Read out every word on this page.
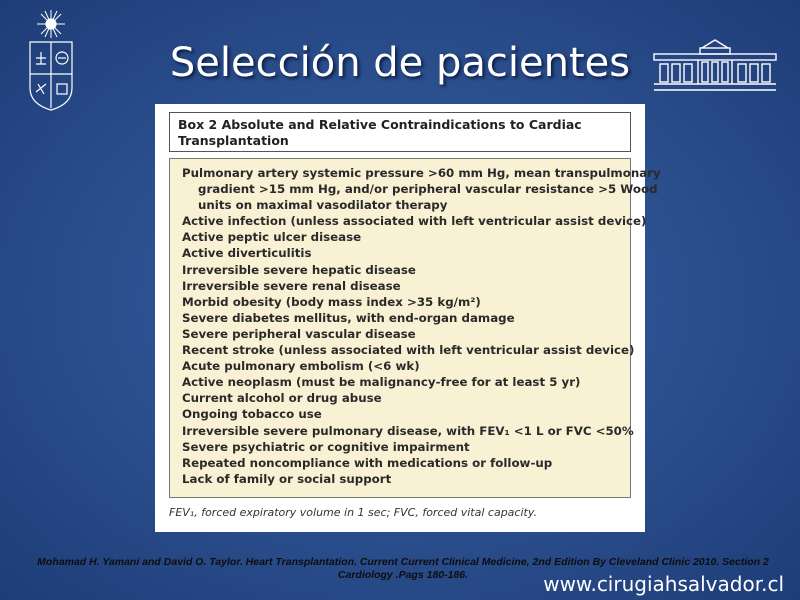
Selección de pacientes
Box 2 Absolute and Relative Contraindications to Cardiac
Transplantation
Pulmonary artery systemic pressure >60 mm Hg, mean transpulmonary
gradient >15 mm Hg, and/or peripheral vascular resistance >5 Wood
units on maximal vasodilator therapy
Active infection (unless associated with left ventricular assist device)
Active peptic ulcer disease
Active diverticulitis
Irreversible severe hepatic disease
Irreversible severe renal disease
Morbid obesity (body mass index >35 kg/m²)
Severe diabetes mellitus, with end-organ damage
Severe peripheral vascular disease
Recent stroke (unless associated with left ventricular assist device)
Acute pulmonary embolism (<6 wk)
Active neoplasm (must be malignancy-free for at least 5 yr)
Current alcohol or drug abuse
Ongoing tobacco use
Irreversible severe pulmonary disease, with FEV₁ <1 L or FVC <50%
Severe psychiatric or cognitive impairment
Repeated noncompliance with medications or follow-up
Lack of family or social support
FEV₁, forced expiratory volume in 1 sec; FVC, forced vital capacity.
Mohamad H. Yamani and David O. Taylor. Heart Transplantation. Current Current Clinical Medicine, 2nd Edition By Cleveland Clinic 2010. Section 2
Cardiology .Pags 180-186.	www.cirugiahsalvador.cl
